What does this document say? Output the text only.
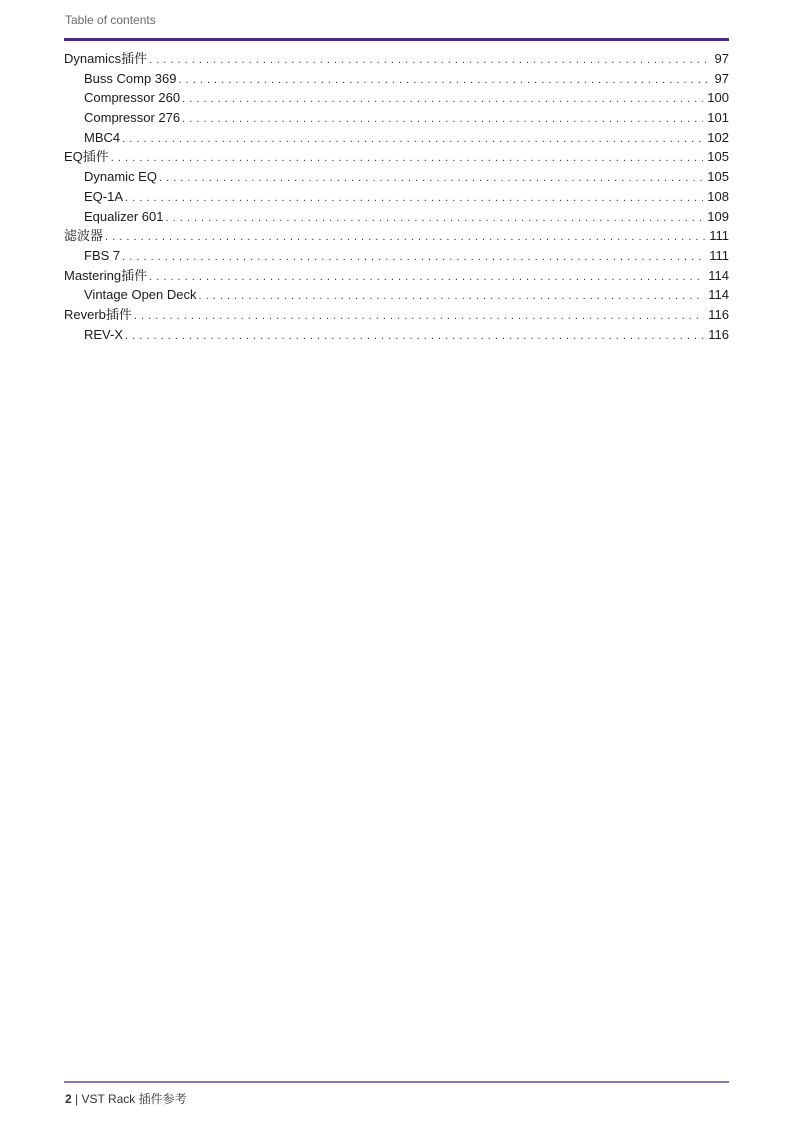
Table of contents
Dynamics插件 . . .	97
Buss Comp 369 . . .	97
Compressor 260 . . .	100
Compressor 276 . . .	101
MBC4 . . .	102
EQ插件 . . .	105
Dynamic EQ . . .	105
EQ-1A . . .	108
Equalizer 601 . . .	109
滤波器 . . .	111
FBS 7 . . .	111
Mastering插件 . . .	114
Vintage Open Deck . . .	114
Reverb插件 . . .	116
REV-X . . .	116
2 | VST Rack 插件参考
